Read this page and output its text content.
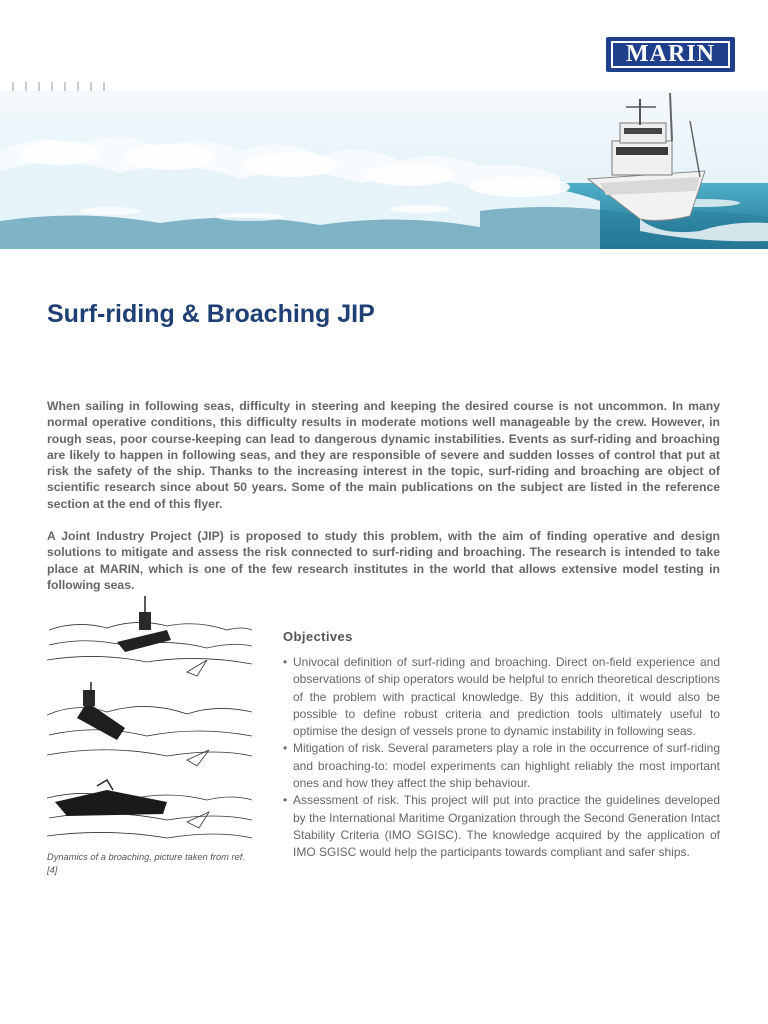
MARIN
Surf-riding & Broaching JIP

When sailing in following seas, difficulty in steering and keeping the desired course is not uncommon. In many normal operative conditions, this difficulty results in moderate motions well manageable by the crew. However, in rough seas, poor course-keeping can lead to dangerous dynamic instabilities. Events as surf-riding and broaching are likely to happen in following seas, and they are responsible of severe and sudden losses of control that put at risk the safety of the ship. Thanks to the increasing interest in the topic, surf-riding and broaching are object of scientific research since about 50 years. Some of the main publications on the subject are listed in the reference section at the end of this flyer.

A Joint Industry Project (JIP) is proposed to study this problem, with the aim of finding operative and design solutions to mitigate and assess the risk connected to surf-riding and broaching. The research is intended to take place at MARIN, which is one of the few research institutes in the world that allows extensive model testing in following seas.

Dynamics of a broaching, picture taken from ref. [4]

Objectives
• Univocal definition of surf-riding and broaching. Direct on-field experience and observations of ship operators would be helpful to enrich theoretical descriptions of the problem with practical knowledge. By this addition, it would also be possible to define robust criteria and prediction tools ultimately useful to optimise the design of vessels prone to dynamic instability in following seas.
• Mitigation of risk. Several parameters play a role in the occurrence of surf-riding and broaching-to: model experiments can highlight reliably the most important ones and how they affect the ship behaviour.
• Assessment of risk. This project will put into practice the guidelines developed by the International Maritime Organization through the Second Generation Intact Stability Criteria (IMO SGISC). The knowledge acquired by the application of IMO SGISC would help the participants towards compliant and safer ships.
